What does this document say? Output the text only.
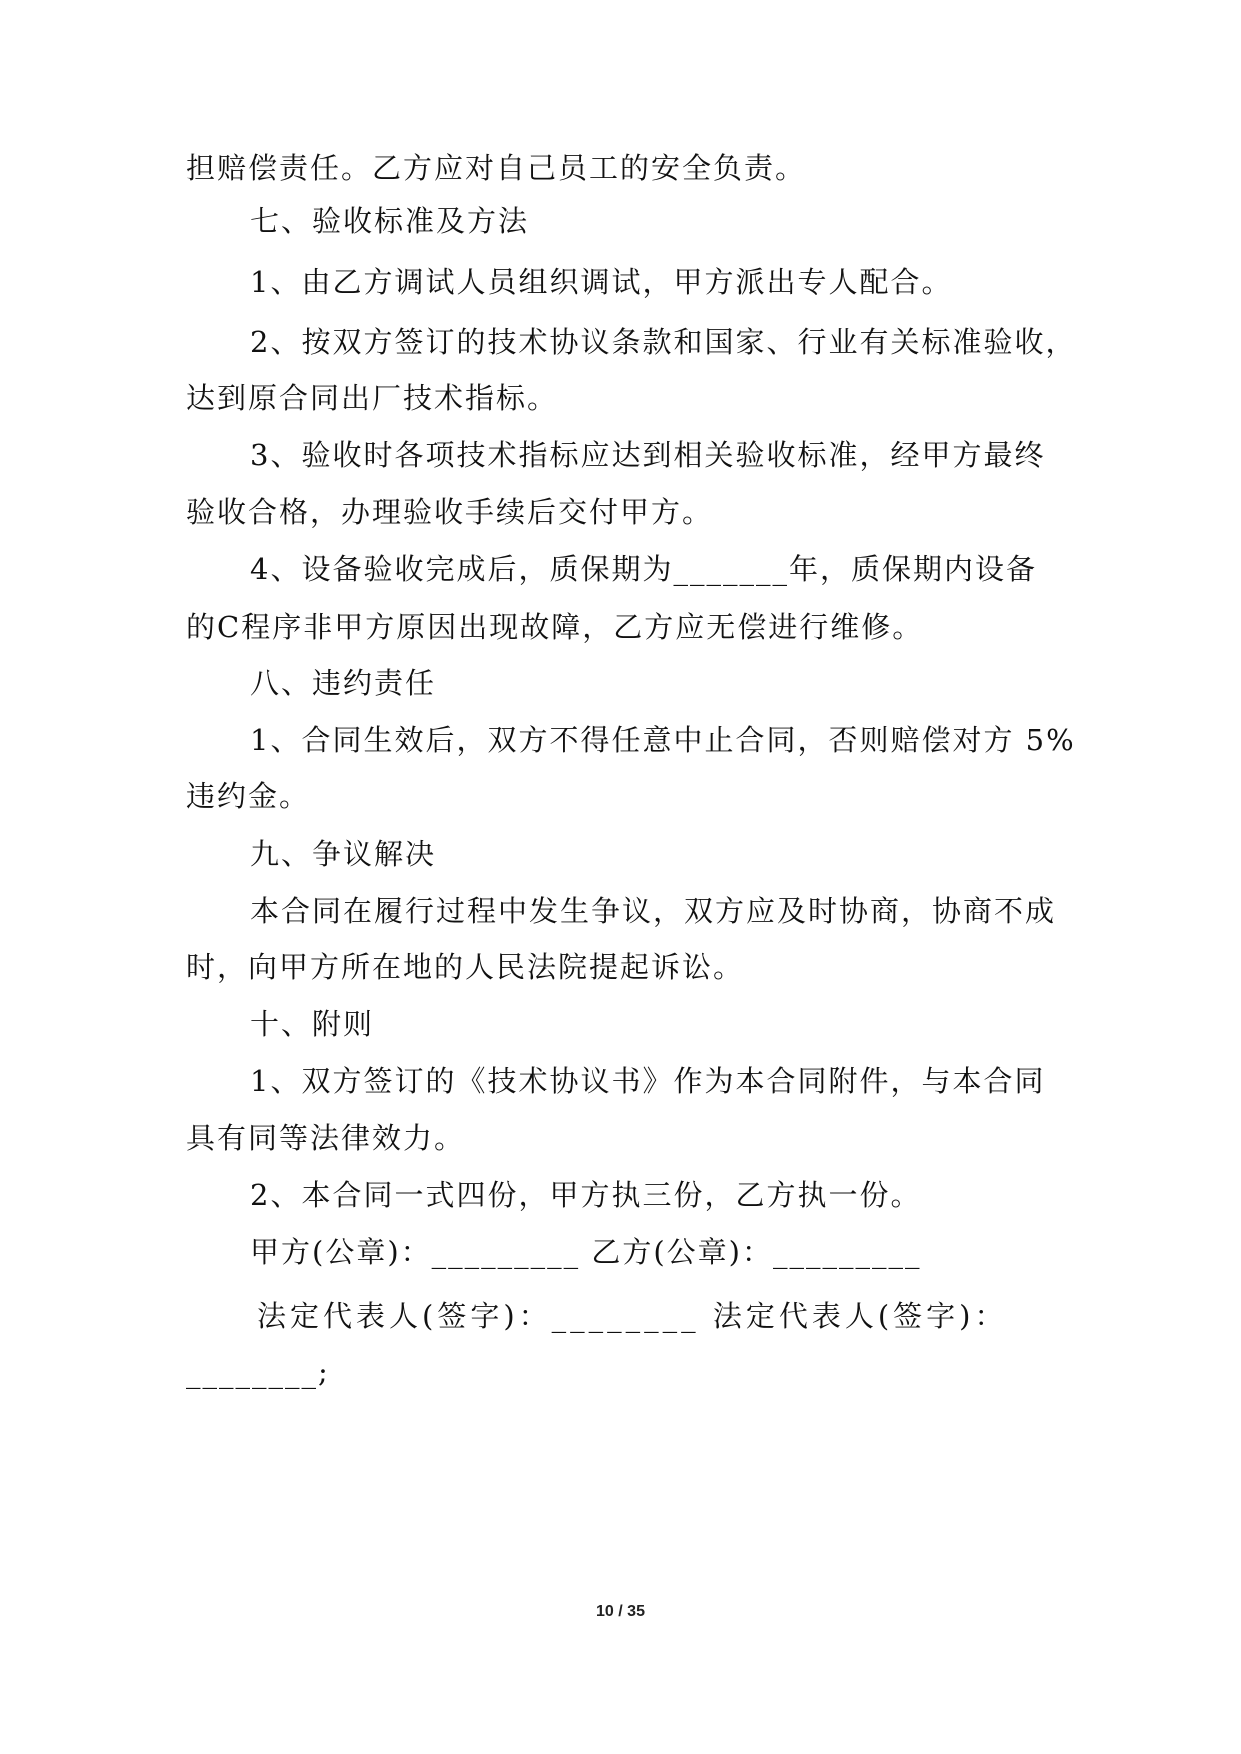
担赔偿责任。乙方应对自己员工的安全负责。
七、验收标准及方法
1、由乙方调试人员组织调试，甲方派出专人配合。
2、按双方签订的技术协议条款和国家、行业有关标准验收，
达到原合同出厂技术指标。
3、验收时各项技术指标应达到相关验收标准，经甲方最终
验收合格，办理验收手续后交付甲方。
4、设备验收完成后，质保期为_______年，质保期内设备
的C程序非甲方原因出现故障，乙方应无偿进行维修。
八、违约责任
1、合同生效后，双方不得任意中止合同，否则赔偿对方 5%
违约金。
九、争议解决
本合同在履行过程中发生争议，双方应及时协商，协商不成
时，向甲方所在地的人民法院提起诉讼。
十、附则
1、双方签订的《技术协议书》作为本合同附件，与本合同
具有同等法律效力。
2、本合同一式四份，甲方执三份，乙方执一份。
甲方(公章)：_________ 乙方(公章)：_________
法定代表人(签字)：________ 法定代表人(签字)：
________;
10 / 35
